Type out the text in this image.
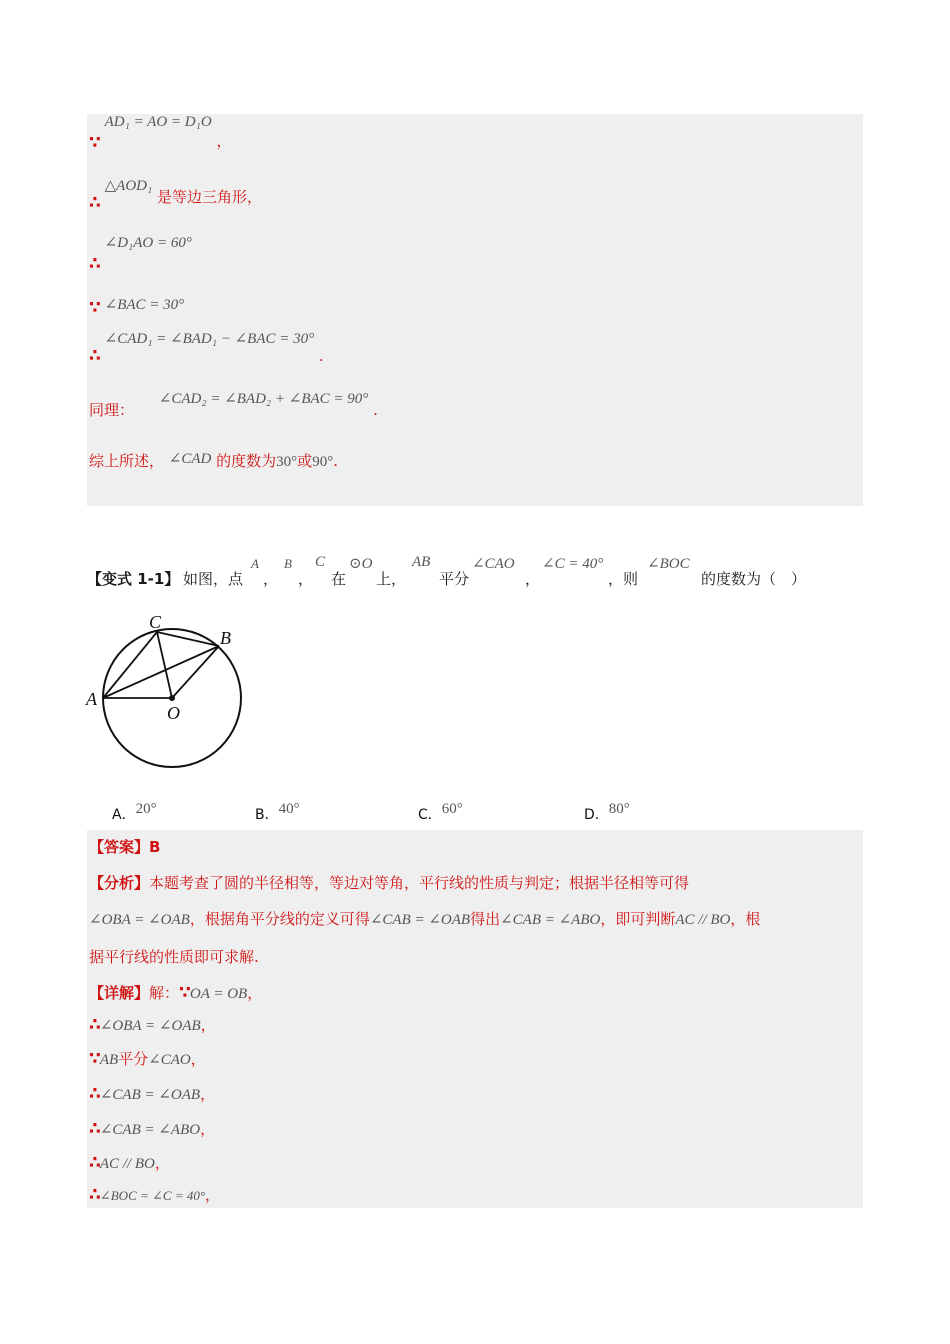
∵ AD₁ = AO = D₁O ，
∴ △AOD₁ 是等边三角形，
∴ ∠D₁AO = 60°
∵ ∠BAC = 30°
∴ ∠CAD₁ = ∠BAD₁ − ∠BAC = 30° .
同理： ∠CAD₂ = ∠BAD₂ + ∠BAC = 90° .
综上所述， ∠CAD 的度数为30°或90°.
【变式 1-1】 如图，点
A
，
B
，
C
在
⊙O
上，
AB
平分
∠CAO
，
∠C = 40°
，则
∠BOC
的度数为（　）
A
B
C
O
A．20°	B．40°	C．60°	D．80°
【答案】B
【分析】本题考查了圆的半径相等，等边对等角，平行线的性质与判定；根据半径相等可得
∠OBA = ∠OAB，根据角平分线的定义可得∠CAB = ∠OAB得出∠CAB = ∠ABO，即可判断AC // BO，根
据平行线的性质即可求解.
【详解】解：∵OA = OB，
∴∠OBA = ∠OAB，
∵AB平分∠CAO，
∴∠CAB = ∠OAB，
∴∠CAB = ∠ABO，
∴AC // BO，
∴∠BOC = ∠C = 40°，
